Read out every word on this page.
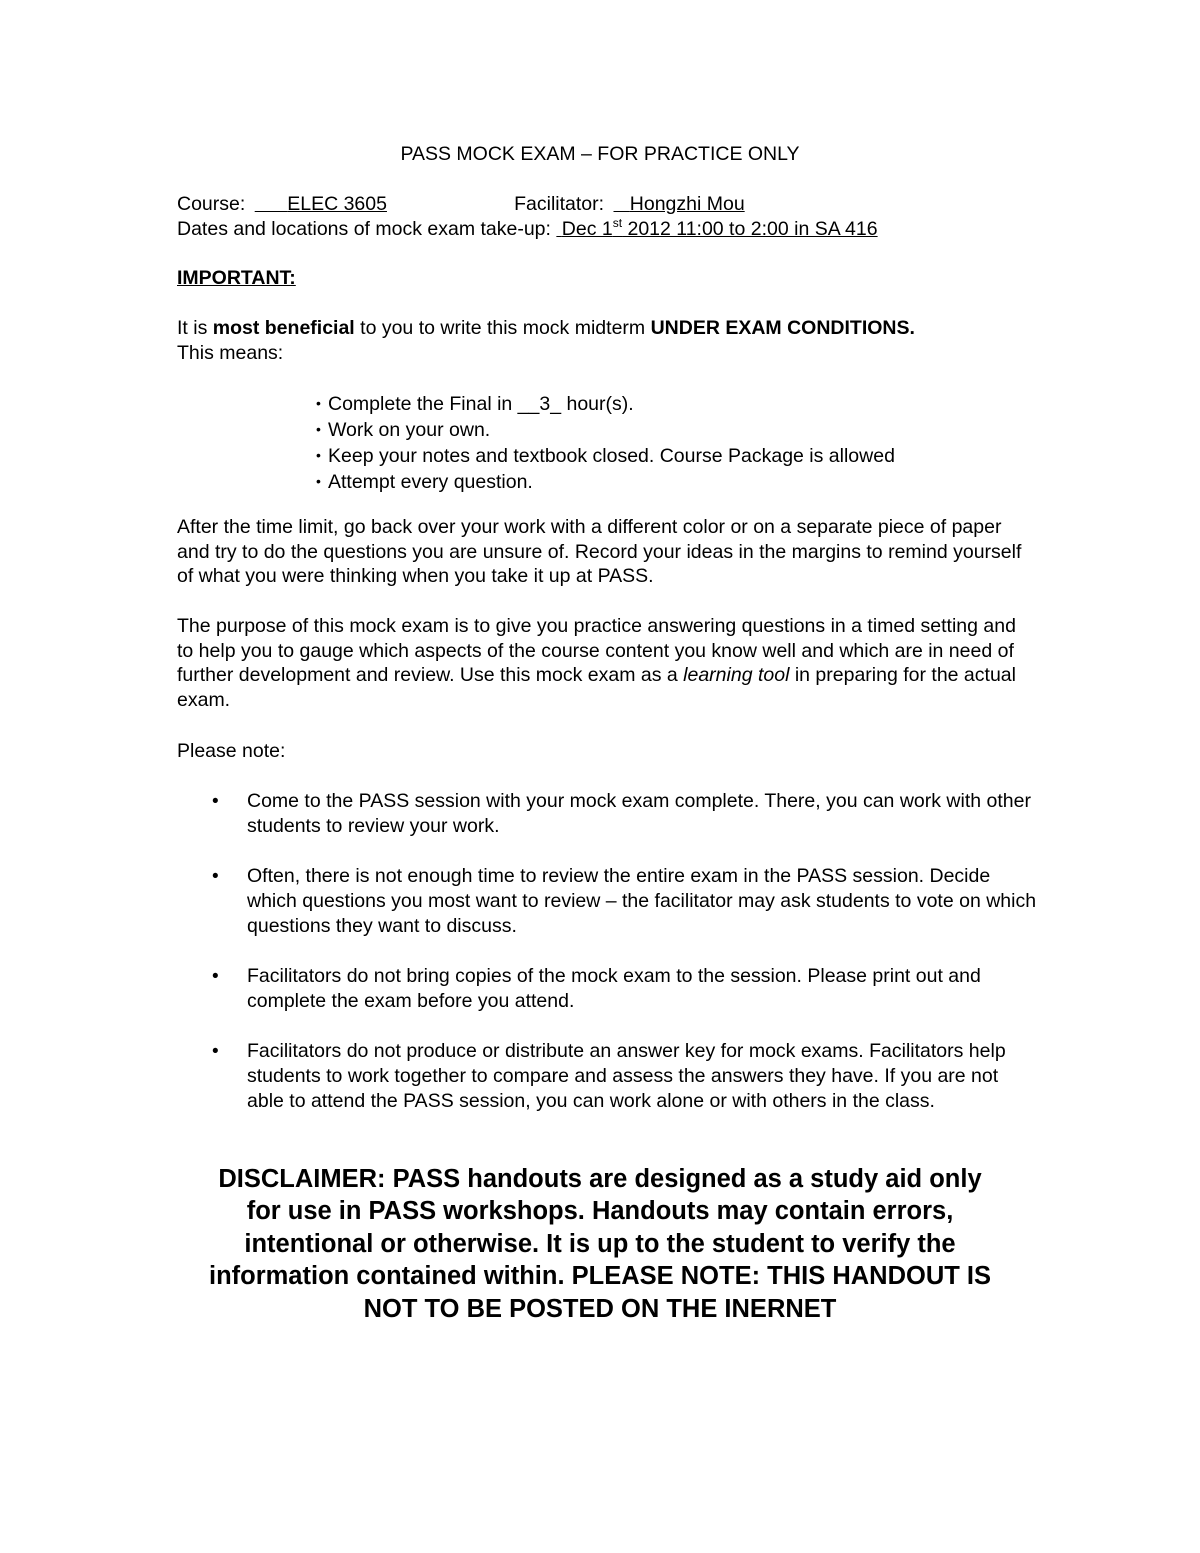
PASS MOCK EXAM – FOR PRACTICE ONLY
Course: ELEC 3605	Facilitator: Hongzhi Mou
Dates and locations of mock exam take-up: Dec 1st 2012 11:00 to 2:00 in SA 416
IMPORTANT:
It is most beneficial to you to write this mock midterm UNDER EXAM CONDITIONS.
This means:
• Complete the Final in __3_ hour(s).
• Work on your own.
• Keep your notes and textbook closed. Course Package is allowed
• Attempt every question.

After the time limit, go back over your work with a different color or on a separate piece of paper and try to do the questions you are unsure of. Record your ideas in the margins to remind yourself of what you were thinking when you take it up at PASS.

The purpose of this mock exam is to give you practice answering questions in a timed setting and to help you to gauge which aspects of the course content you know well and which are in need of further development and review. Use this mock exam as a learning tool in preparing for the actual exam.

Please note:
• Come to the PASS session with your mock exam complete. There, you can work with other students to review your work.
• Often, there is not enough time to review the entire exam in the PASS session. Decide which questions you most want to review – the facilitator may ask students to vote on which questions they want to discuss.
• Facilitators do not bring copies of the mock exam to the session. Please print out and complete the exam before you attend.
• Facilitators do not produce or distribute an answer key for mock exams. Facilitators help students to work together to compare and assess the answers they have. If you are not able to attend the PASS session, you can work alone or with others in the class.
DISCLAIMER: PASS handouts are designed as a study aid only
for use in PASS workshops. Handouts may contain errors,
intentional or otherwise. It is up to the student to verify the
information contained within. PLEASE NOTE: THIS HANDOUT IS
NOT TO BE POSTED ON THE INERNET
